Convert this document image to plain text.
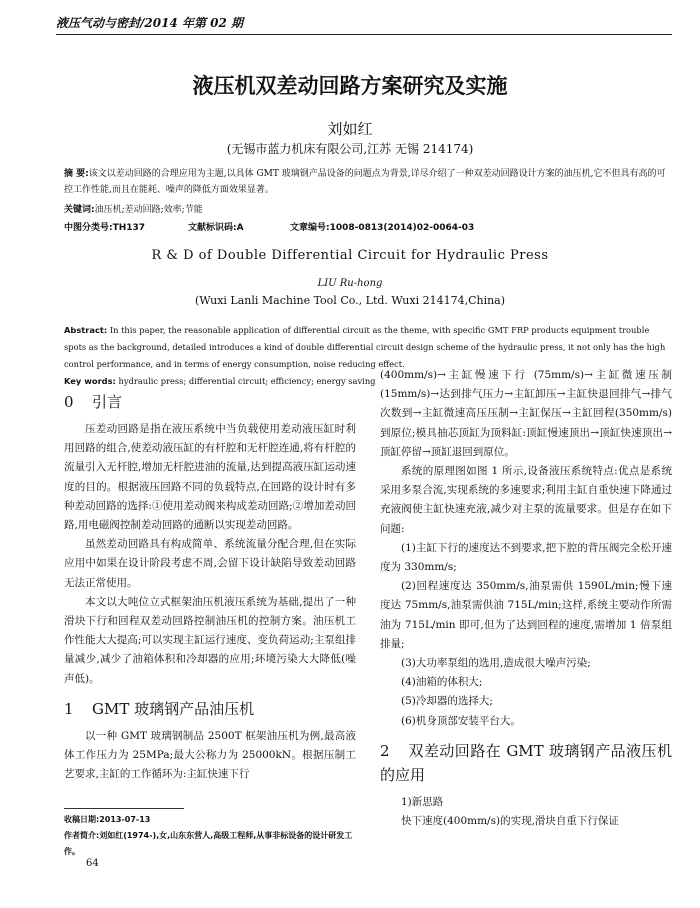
液压气动与密封/2014 年第 02 期
液压机双差动回路方案研究及实施
刘如红
(无锡市蓝力机床有限公司,江苏 无锡 214174)
摘 要:该文以差动回路的合理应用为主题,以具体 GMT 玻璃钢产品设备的问题点为背景,详尽介绍了一种双差动回路设计方案的油压机,它不但具有高的可控工作性能,而且在能耗、噪声的降低方面效果显著。
关键词:油压机;差动回路;效率;节能
中图分类号:TH137	文献标识码:A	文章编号:1008-0813(2014)02-0064-03
R & D of Double Differential Circuit for Hydraulic Press
LIU Ru-hong
(Wuxi Lanli Machine Tool Co., Ltd. Wuxi 214174,China)
Abstract: In this paper, the reasonable application of differential circuit as the theme, with specific GMT FRP products equipment trouble spots as the background, detailed introduces a kind of double differential circuit design scheme of the hydraulic press, it not only has the high control performance, and in terms of energy consumption, noise reducing effect.
Key words: hydraulic press; differential circuit; efficiency; energy saving
0 引言

压差动回路是指在液压系统中当负载使用差动液压缸时利用回路的组合,使差动液压缸的有杆腔和无杆腔连通,将有杆腔的流量引入无杆腔,增加无杆腔进油的流量,达到提高液压缸运动速度的目的。根据液压回路不同的负载特点,在回路的设计时有多种差动回路的选择:①使用差动阀来构成差动回路;②增加差动回路,用电磁阀控制差动回路的通断以实现差动回路。

虽然差动回路具有构成简单、系统流量分配合理,但在实际应用中如果在设计阶段考虑不周,会留下设计缺陷导致差动回路无法正常使用。

本文以大吨位立式框架油压机液压系统为基础,提出了一种滑块下行和回程双差动回路控制油压机的控制方案。油压机工作性能大大提高;可以实现主缸运行速度、变负荷运动;主泵组排量减少,减少了油箱体积和冷却器的应用;环境污染大大降低(噪声低)。

1 GMT 玻璃钢产品油压机

以一种 GMT 玻璃钢制品 2500T 框架油压机为例,最高液体工作压力为 25MPa;最大公称力为 25000kN。根据压制工艺要求,主缸的工作循环为:主缸快速下行

(400mm/s)→主缸慢速下行 (75mm/s)→主缸微速压制(15mm/s)→达到排气压力→主缸卸压→主缸快退回排气→排气次数到→主缸微速高压压制→主缸保压→主缸回程(350mm/s)到原位;模具抽芯顶缸为顶料缸:顶缸慢速顶出→顶缸快速顶出→顶缸停留→顶缸退回到原位。

系统的原理图如图 1 所示,设备液压系统特点:优点是系统采用多泵合流,实现系统的多速要求;利用主缸自重快速下降通过充液阀使主缸快速充液,减少对主泵的流量要求。但是存在如下问题:

(1)主缸下行的速度达不到要求,把下腔的背压阀完全松开速度为 330mm/s;

(2)回程速度达 350mm/s,油泵需供 1590L/min;慢下速度达 75mm/s,油泵需供油 715L/min;这样,系统主要动作所需油为 715L/min 即可,但为了达到回程的速度,需增加 1 倍泵组排量;

(3)大功率泵组的选用,造成很大噪声污染;

(4)油箱的体积大;

(5)冷却器的选择大;

(6)机身顶部安装平台大。

2 双差动回路在 GMT 玻璃钢产品液压机的应用

1)新思路

快下速度(400mm/s)的实现,滑块自重下行保证

收稿日期:2013-07-13
作者简介:刘如红(1974-),女,山东东营人,高级工程师,从事非标设备的设计研发工作。
64
